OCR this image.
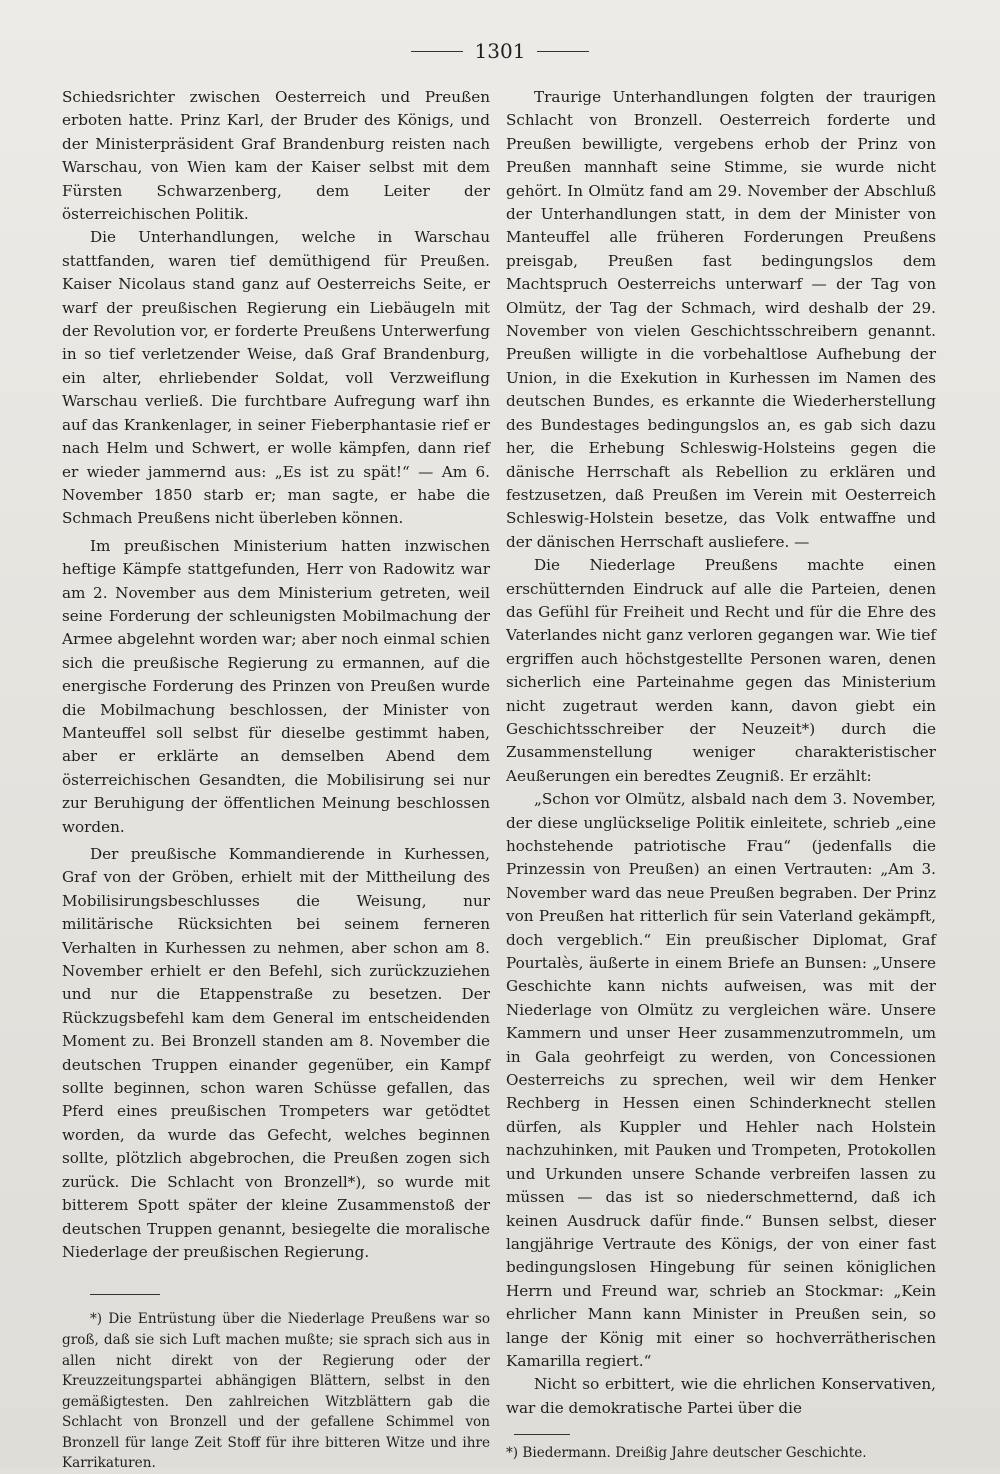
1301

Schiedsrichter zwischen Oesterreich und Preußen erboten hatte. Prinz Karl, der Bruder des Königs, und der Ministerpräsident Graf Brandenburg reisten nach Warschau, von Wien kam der Kaiser selbst mit dem Fürsten Schwarzenberg, dem Leiter der österreichischen Politik.

Die Unterhandlungen, welche in Warschau stattfanden, waren tief demüthigend für Preußen. Kaiser Nicolaus stand ganz auf Oesterreichs Seite, er warf der preußischen Regierung ein Liebäugeln mit der Revolution vor, er forderte Preußens Unterwerfung in so tief verletzender Weise, daß Graf Brandenburg, ein alter, ehrliebender Soldat, voll Verzweiflung Warschau verließ. Die furchtbare Aufregung warf ihn auf das Krankenlager, in seiner Fieberphantasie rief er nach Helm und Schwert, er wolle kämpfen, dann rief er wieder jammernd aus: „Es ist zu spät!“ — Am 6. November 1850 starb er; man sagte, er habe die Schmach Preußens nicht überleben können.

Im preußischen Ministerium hatten inzwischen heftige Kämpfe stattgefunden, Herr von Radowitz war am 2. November aus dem Ministerium getreten, weil seine Forderung der schleunigsten Mobilmachung der Armee abgelehnt worden war; aber noch einmal schien sich die preußische Regierung zu ermannen, auf die energische Forderung des Prinzen von Preußen wurde die Mobilmachung beschlossen, der Minister von Manteuffel soll selbst für dieselbe gestimmt haben, aber er erklärte an demselben Abend dem österreichischen Gesandten, die Mobilisirung sei nur zur Beruhigung der öffentlichen Meinung beschlossen worden.

Der preußische Kommandierende in Kurhessen, Graf von der Gröben, erhielt mit der Mittheilung des Mobilisirungsbeschlusses die Weisung, nur militärische Rücksichten bei seinem ferneren Verhalten in Kurhessen zu nehmen, aber schon am 8. November erhielt er den Befehl, sich zurückzuziehen und nur die Etappenstraße zu besetzen. Der Rückzugsbefehl kam dem General im entscheidenden Moment zu. Bei Bronzell standen am 8. November die deutschen Truppen einander gegenüber, ein Kampf sollte beginnen, schon waren Schüsse gefallen, das Pferd eines preußischen Trompeters war getödtet worden, da wurde das Gefecht, welches beginnen sollte, plötzlich abgebrochen, die Preußen zogen sich zurück. Die Schlacht von Bronzell*), so wurde mit bitterem Spott später der kleine Zusammenstoß der deutschen Truppen genannt, besiegelte die moralische Niederlage der preußischen Regierung.

*) Die Entrüstung über die Niederlage Preußens war so groß, daß sie sich Luft machen mußte; sie sprach sich aus in allen nicht direkt von der Regierung oder der Kreuzzeitungspartei abhängigen Blättern, selbst in den gemäßigtesten. Den zahlreichen Witzblättern gab die Schlacht von Bronzell und der gefallene Schimmel von Bronzell für lange Zeit Stoff für ihre bitteren Witze und ihre Karrikaturen.

Traurige Unterhandlungen folgten der traurigen Schlacht von Bronzell. Oesterreich forderte und Preußen bewilligte, vergebens erhob der Prinz von Preußen mannhaft seine Stimme, sie wurde nicht gehört. In Olmütz fand am 29. November der Abschluß der Unterhandlungen statt, in dem der Minister von Manteuffel alle früheren Forderungen Preußens preisgab, Preußen fast bedingungslos dem Machtspruch Oesterreichs unterwarf — der Tag von Olmütz, der Tag der Schmach, wird deshalb der 29. November von vielen Geschichtsschreibern genannt. Preußen willigte in die vorbehaltlose Aufhebung der Union, in die Exekution in Kurhessen im Namen des deutschen Bundes, es erkannte die Wiederherstellung des Bundestages bedingungslos an, es gab sich dazu her, die Erhebung Schleswig-Holsteins gegen die dänische Herrschaft als Rebellion zu erklären und festzusetzen, daß Preußen im Verein mit Oesterreich Schleswig-Holstein besetze, das Volk entwaffne und der dänischen Herrschaft ausliefere. —

Die Niederlage Preußens machte einen erschütternden Eindruck auf alle die Parteien, denen das Gefühl für Freiheit und Recht und für die Ehre des Vaterlandes nicht ganz verloren gegangen war. Wie tief ergriffen auch höchstgestellte Personen waren, denen sicherlich eine Parteinahme gegen das Ministerium nicht zugetraut werden kann, davon giebt ein Geschichtsschreiber der Neuzeit*) durch die Zusammenstellung weniger charakteristischer Aeußerungen ein beredtes Zeugniß. Er erzählt:

„Schon vor Olmütz, alsbald nach dem 3. November, der diese unglückselige Politik einleitete, schrieb „eine hochstehende patriotische Frau“ (jedenfalls die Prinzessin von Preußen) an einen Vertrauten: „Am 3. November ward das neue Preußen begraben. Der Prinz von Preußen hat ritterlich für sein Vaterland gekämpft, doch vergeblich.“ Ein preußischer Diplomat, Graf Pourtalès, äußerte in einem Briefe an Bunsen: „Unsere Geschichte kann nichts aufweisen, was mit der Niederlage von Olmütz zu vergleichen wäre. Unsere Kammern und unser Heer zusammenzutrommeln, um in Gala geohrfeigt zu werden, von Concessionen Oesterreichs zu sprechen, weil wir dem Henker Rechberg in Hessen einen Schinderknecht stellen dürfen, als Kuppler und Hehler nach Holstein nachzuhinken, mit Pauken und Trompeten, Protokollen und Urkunden unsere Schande verbreifen lassen zu müssen — das ist so niederschmetternd, daß ich keinen Ausdruck dafür finde.“ Bunsen selbst, dieser langjährige Vertraute des Königs, der von einer fast bedingungslosen Hingebung für seinen königlichen Herrn und Freund war, schrieb an Stockmar: „Kein ehrlicher Mann kann Minister in Preußen sein, so lange der König mit einer so hochverrätherischen Kamarilla regiert.“

Nicht so erbittert, wie die ehrlichen Konservativen, war die demokratische Partei über die

*) Biedermann. Dreißig Jahre deutscher Geschichte.
